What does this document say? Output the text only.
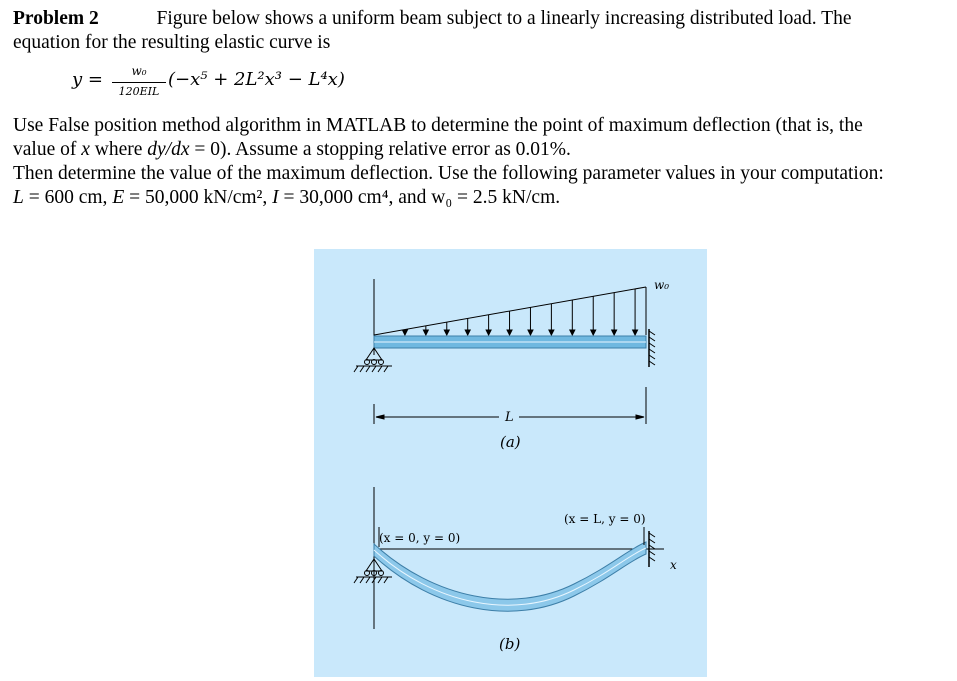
Problem 2	Figure below shows a uniform beam subject to a linearly increasing distributed load. The
equation for the resulting elastic curve is
y =	w₀
120EIL
(−x⁵ + 2L²x³ − L⁴x)
Use False position method algorithm in MATLAB to determine the point of maximum deflection (that is, the
value of x where dy/dx = 0). Assume a stopping relative error as 0.01%.
Then determine the value of the maximum deflection. Use the following parameter values in your computation:
L = 600 cm, E = 50,000 kN/cm², I = 30,000 cm⁴, and w₀ = 2.5 kN/cm.
w₀
L
(a)
(x = 0, y = 0)
(x = L, y = 0)
x
(b)
